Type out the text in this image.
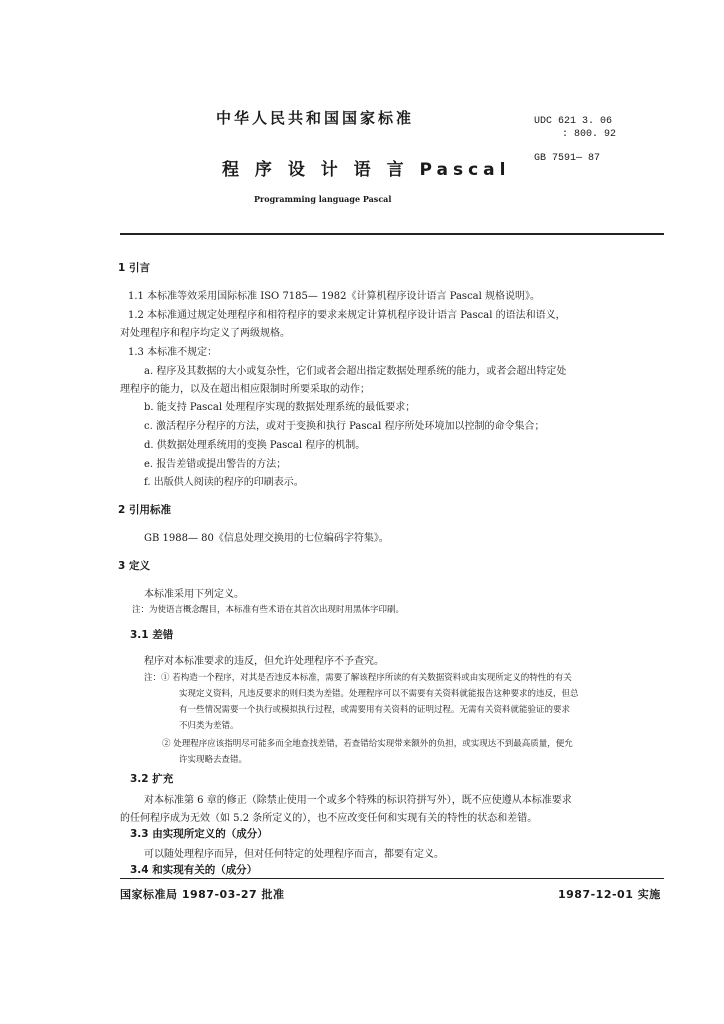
中华人民共和国国家标准
程 序 设 计 语 言 Pascal
Programming language Pascal
UDC 621 3. 06
: 800. 92
GB 7591— 87
1 引言
1.1 本标准等效采用国际标准 ISO 7185— 1982《计算机程序设计语言 Pascal 规格说明》。
1.2 本标准通过规定处理程序和相符程序的要求来规定计算机程序设计语言 Pascal 的语法和语义，
对处理程序和程序均定义了两级规格。
1.3 本标准不规定：
a. 程序及其数据的大小或复杂性，它们或者会超出指定数据处理系统的能力，或者会超出特定处
理程序的能力，以及在超出相应限制时所要采取的动作；
b. 能支持 Pascal 处理程序实现的数据处理系统的最低要求；
c. 激活程序分程序的方法，或对于变换和执行 Pascal 程序所处环境加以控制的命令集合；
d. 供数据处理系统用的变换 Pascal 程序的机制。
e. 报告差错或提出警告的方法；
f. 出版供人阅读的程序的印刷表示。
2 引用标准
GB 1988— 80《信息处理交换用的七位编码字符集》。
3 定义
本标准采用下列定义。
注：为使语言概念醒目，本标准有些术语在其首次出现时用黑体字印刷。
3.1 差错
程序对本标准要求的违反，但允许处理程序不予查究。
注：① 若构造一个程序，对其是否违反本标准，需要了解该程序所读的有关数据资料或由实现所定义的特性的有关
实现定义资料，凡违反要求的则归类为差错。处理程序可以不需要有关资料就能报告这种要求的违反，但总
有一些情况需要一个执行或模拟执行过程，或需要用有关资料的证明过程。无需有关资料就能验证的要求
不归类为差错。
② 处理程序应该指明尽可能多而全地查找差错，若查错给实现带来额外的负担，或实现达不到最高质量，便允
许实现略去查错。
3.2 扩充
对本标准第 6 章的修正（除禁止使用一个或多个特殊的标识符拼写外），既不应使遵从本标准要求
的任何程序成为无效（如 5.2 条所定义的），也不应改变任何和实现有关的特性的状态和差错。
3.3 由实现所定义的（成分）
可以随处理程序而异，但对任何特定的处理程序而言，都要有定义。
3.4 和实现有关的（成分）
国家标准局 1987-03-27 批准	1987-12-01 实施
